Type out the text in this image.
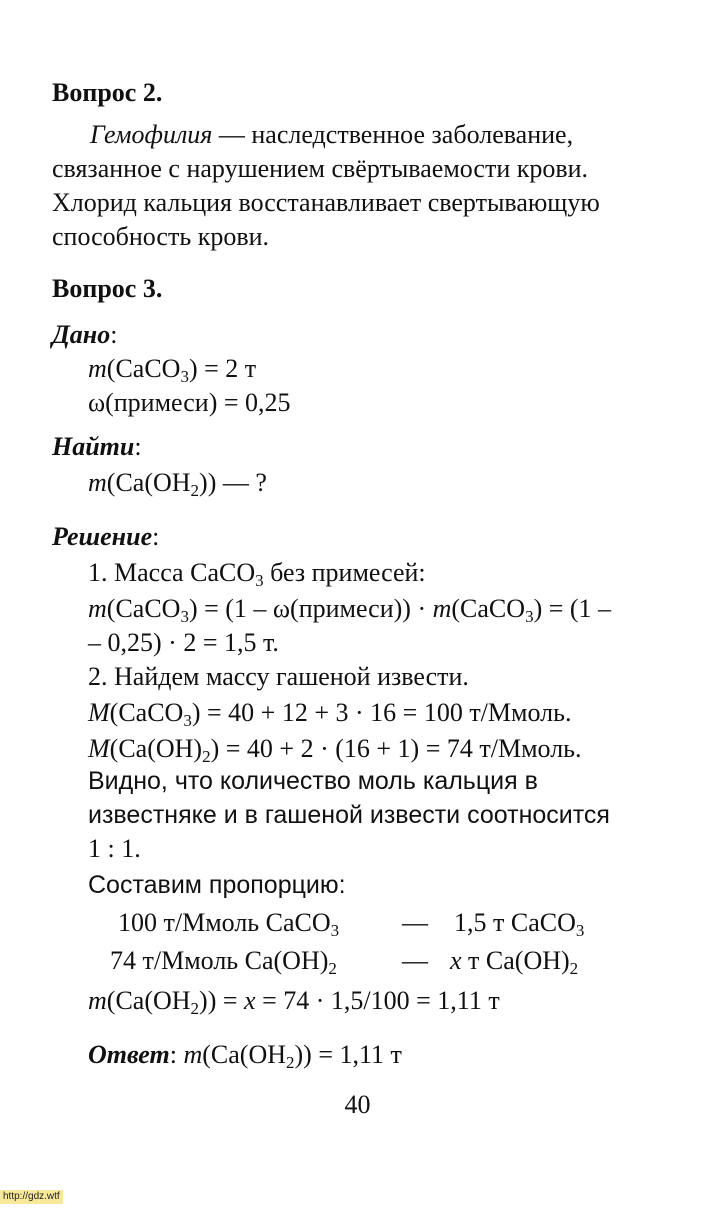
Вопрос 2.

Гемофилия — наследственное заболевание,

связанное с нарушением свёртываемости крови.

Хлорид кальция восстанавливает свертывающую

способность крови.

Вопрос 3.
Дано:
m(CaCO$_3$) = 2 т
ω(примеси) = 0,25
Найти:
$m(Ca(OH_2))$ — ?
Решение:
1. Масса CaCO$_3$ без примесей:
m(CaCO$_3$) = (1 – ω(примеси)) · m(CaCO$_3$) = (1 –
– 0,25) · 2 = 1,5 т.
2. Найдем массу гашеной извести.
M(CaCO$_3$) = 40 + 12 + 3 · 16 = 100 т/Ммоль.
$M(Ca(OH)_2) = 40 + 2 \cdot (16 + 1) = 74$ т/Ммоль.
Видно, что количество моль кальция в
известняке и в гашеной извести соотносится
1 : 1.
Составим пропорцию:
100 т/Ммоль CaCO$_3$ — 1,5 т CaCO$_3$
74 т/Ммоль $Ca(OH)_2$	— x т $Ca(OH)_2$
$m(Ca(OH_2)) = x = 74 \cdot 1,5/100 = 1,11$ т
Ответ: $m(Ca(OH_2)) = 1,11$ т
40
http://gdz.wtf
